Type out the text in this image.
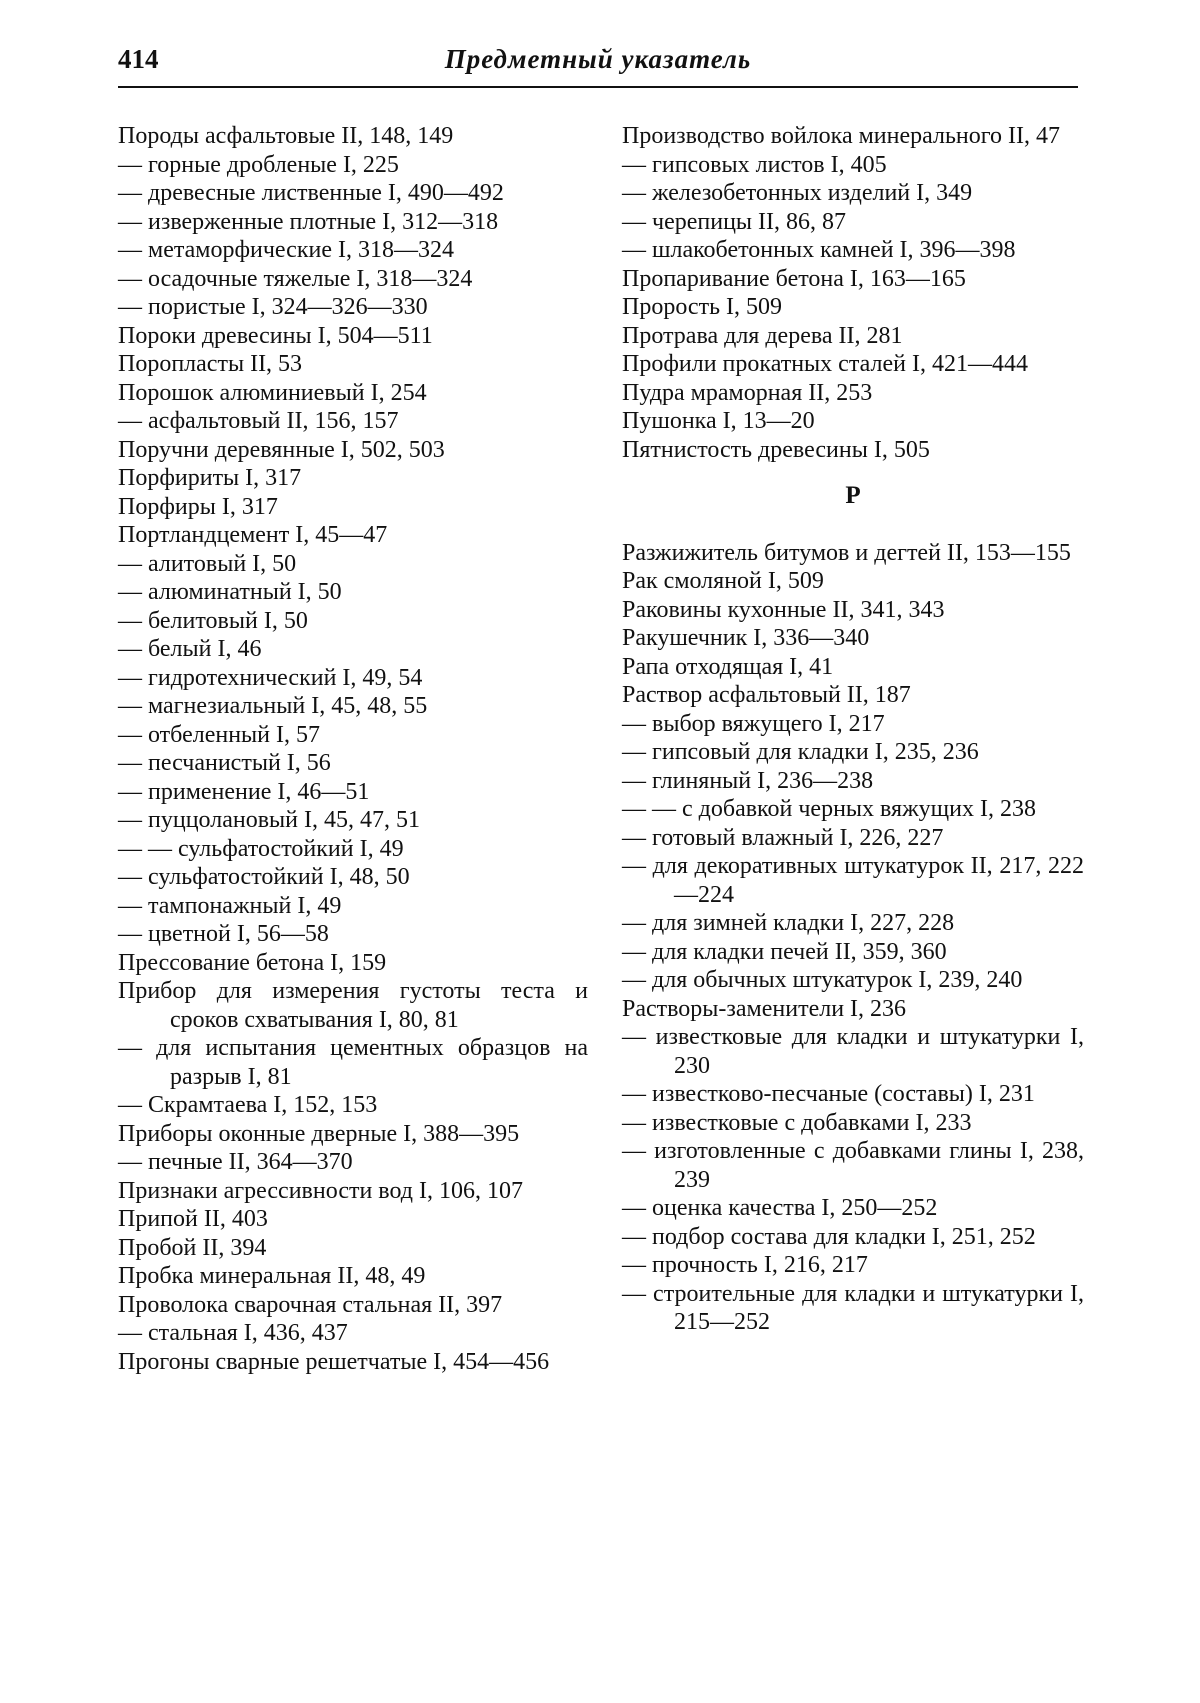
414	Предметный указатель

Породы асфальтовые II, 148, 149

— горные дробленые I, 225

— древесные лиственные I, 490—492

— изверженные плотные I, 312—318

— метаморфические I, 318—324

— осадочные тяжелые I, 318—324

— пористые I, 324—326—330

Пороки древесины I, 504—511

Поропласты II, 53

Порошок алюминиевый I, 254

— асфальтовый II, 156, 157

Поручни деревянные I, 502, 503

Порфириты I, 317

Порфиры I, 317

Портландцемент I, 45—47

— алитовый I, 50

— алюминатный I, 50

— белитовый I, 50

— белый I, 46

— гидротехнический I, 49, 54

— магнезиальный I, 45, 48, 55

— отбеленный I, 57

— песчанистый I, 56

— применение I, 46—51

— пуццолановый I, 45, 47, 51

— — сульфатостойкий I, 49

— сульфатостойкий I, 48, 50

— тампонажный I, 49

— цветной I, 56—58

Прессование бетона I, 159

Прибор для измерения густоты теста и сроков схватывания I, 80, 81

— для испытания цементных образцов на разрыв I, 81

— Скрамтаева I, 152, 153

Приборы оконные дверные I, 388—395

— печные II, 364—370

Признаки агрессивности вод I, 106, 107

Припой II, 403

Пробой II, 394

Пробка минеральная II, 48, 49

Проволока сварочная стальная II, 397

— стальная I, 436, 437

Прогоны сварные решетчатые I, 454—456

Производство войлока минерального II, 47

— гипсовых листов I, 405

— железобетонных изделий I, 349

— черепицы II, 86, 87

— шлакобетонных камней I, 396—398

Пропаривание бетона I, 163—165

Прорость I, 509

Протрава для дерева II, 281

Профили прокатных сталей I, 421—444

Пудра мраморная II, 253

Пушонка I, 13—20

Пятнистость древесины I, 505

Р

Разжижитель битумов и дегтей II, 153—155

Рак смоляной I, 509

Раковины кухонные II, 341, 343

Ракушечник I, 336—340

Рапа отходящая I, 41

Раствор асфальтовый II, 187

— выбор вяжущего I, 217

— гипсовый для кладки I, 235, 236

— глиняный I, 236—238

— — с добавкой черных вяжущих I, 238

— готовый влажный I, 226, 227

— для декоративных штукатурок II, 217, 222—224

— для зимней кладки I, 227, 228

— для кладки печей II, 359, 360

— для обычных штукатурок I, 239, 240

Растворы-заменители I, 236

— известковые для кладки и штукатурки I, 230

— известково-песчаные (составы) I, 231

— известковые с добавками I, 233

— изготовленные с добавками глины I, 238, 239

— оценка качества I, 250—252

— подбор состава для кладки I, 251, 252

— прочность I, 216, 217

— строительные для кладки и штукатурки I, 215—252
